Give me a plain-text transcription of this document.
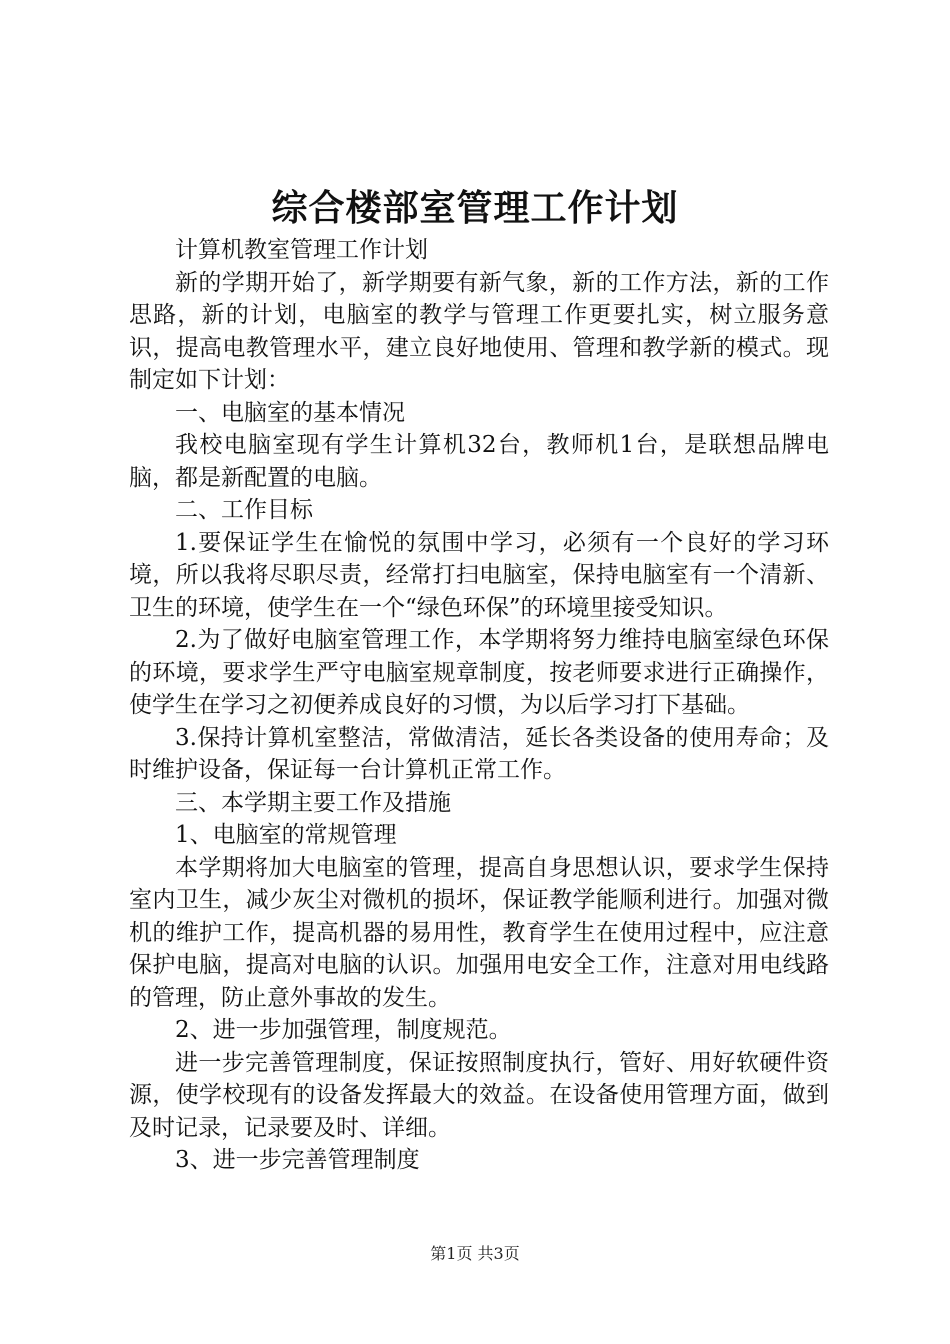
综合楼部室管理工作计划

计算机教室管理工作计划

新的学期开始了，新学期要有新气象，新的工作方法，新的工作思路，新的计划，电脑室的教学与管理工作更要扎实，树立服务意识，提高电教管理水平，建立良好地使用、管理和教学新的模式。现制定如下计划：

一、电脑室的基本情况

我校电脑室现有学生计算机32台，教师机1台，是联想品牌电脑，都是新配置的电脑。

二、工作目标

1.要保证学生在愉悦的氛围中学习，必须有一个良好的学习环境，所以我将尽职尽责，经常打扫电脑室，保持电脑室有一个清新、卫生的环境，使学生在一个“绿色环保”的环境里接受知识。

2.为了做好电脑室管理工作，本学期将努力维持电脑室绿色环保的环境，要求学生严守电脑室规章制度，按老师要求进行正确操作，使学生在学习之初便养成良好的习惯，为以后学习打下基础。

3.保持计算机室整洁，常做清洁，延长各类设备的使用寿命；及时维护设备，保证每一台计算机正常工作。

三、本学期主要工作及措施

1、电脑室的常规管理

本学期将加大电脑室的管理，提高自身思想认识，要求学生保持室内卫生，减少灰尘对微机的损坏，保证教学能顺利进行。加强对微机的维护工作，提高机器的易用性，教育学生在使用过程中，应注意保护电脑，提高对电脑的认识。加强用电安全工作，注意对用电线路的管理，防止意外事故的发生。

2、进一步加强管理，制度规范。

进一步完善管理制度，保证按照制度执行，管好、用好软硬件资源，使学校现有的设备发挥最大的效益。在设备使用管理方面，做到及时记录，记录要及时、详细。

3、进一步完善管理制度

第1页 共3页
